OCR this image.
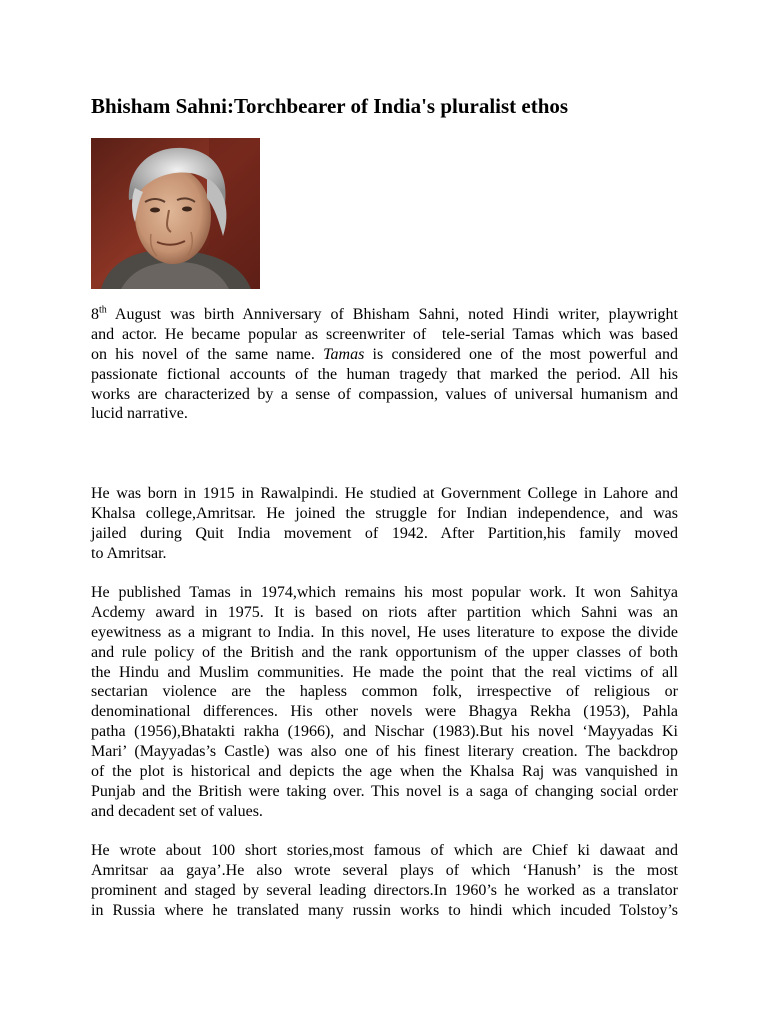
Bhisham Sahni:Torchbearer of India's pluralist ethos
8th August was birth Anniversary of Bhisham Sahni, noted Hindi writer, playwright
and actor. He became popular as screenwriter of  tele-serial Tamas which was based
on his novel of the same name. Tamas is considered one of the most powerful and
passionate fictional accounts of the human tragedy that marked the period. All his
works are characterized by a sense of compassion, values of universal humanism and
lucid narrative.
He was born in 1915 in Rawalpindi. He studied at Government College in Lahore and
Khalsa college,Amritsar. He joined the struggle for Indian independence, and was
jailed during Quit India movement of 1942. After Partition,his family moved
to Amritsar.
He published Tamas in 1974,which remains his most popular work. It won Sahitya
Acdemy award in 1975. It is based on riots after partition which Sahni was an
eyewitness as a migrant to India. In this novel, He uses literature to expose the divide
and rule policy of the British and the rank opportunism of the upper classes of both
the Hindu and Muslim communities. He made the point that the real victims of all
sectarian violence are the hapless common folk, irrespective of religious or
denominational differences. His other novels were Bhagya Rekha (1953), Pahla
patha (1956),Bhatakti rakha (1966), and Nischar (1983).But his novel ‘Mayyadas Ki
Mari’ (Mayyadas’s Castle) was also one of his finest literary creation. The backdrop
of the plot is historical and depicts the age when the Khalsa Raj was vanquished in
Punjab and the British were taking over. This novel is a saga of changing social order
and decadent set of values.
He wrote about 100 short stories,most famous of which are Chief ki dawaat and
Amritsar aa gaya’.He also wrote several plays of which ‘Hanush’ is the most
prominent and staged by several leading directors.In 1960’s he worked as a translator
in Russia where he translated many russin works to hindi which incuded Tolstoy’s
